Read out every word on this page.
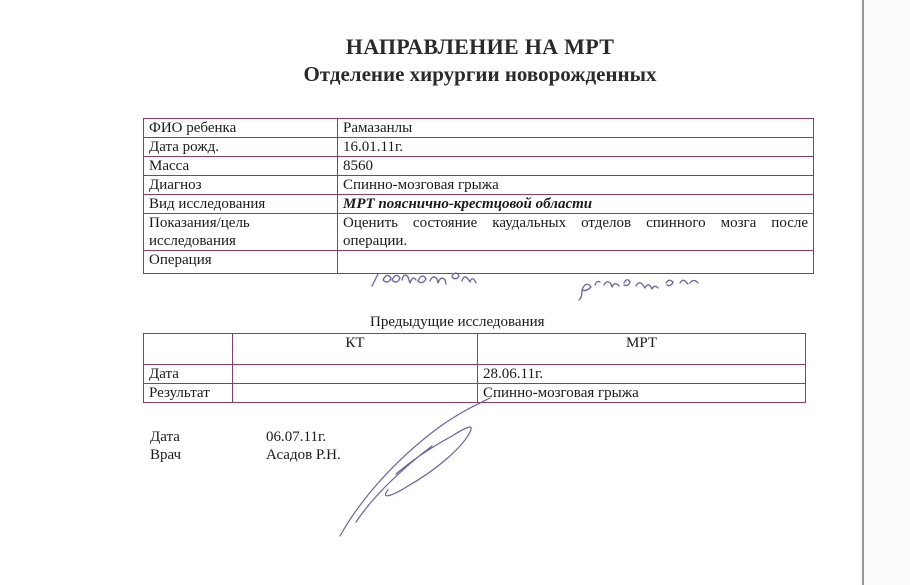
НАПРАВЛЕНИЕ НА МРТ
Отделение хирургии новорожденных
ФИО ребенка	Рамазанлы
Дата рожд.	16.01.11г.
Масса	8560
Диагноз	Спинно-мозговая грыжа
Вид исследования	МРТ пояснично-крестцовой области
Показания/цель исследования	Оценить состояние каудальных отделов спинного мозга после операции.
Операция	
Предыдущие исследования
	КТ	МРТ
Дата		28.06.11г.
Результат		Спинно-мозговая грыжа
Дата	06.07.11г.
Врач	Асадов Р.Н.
